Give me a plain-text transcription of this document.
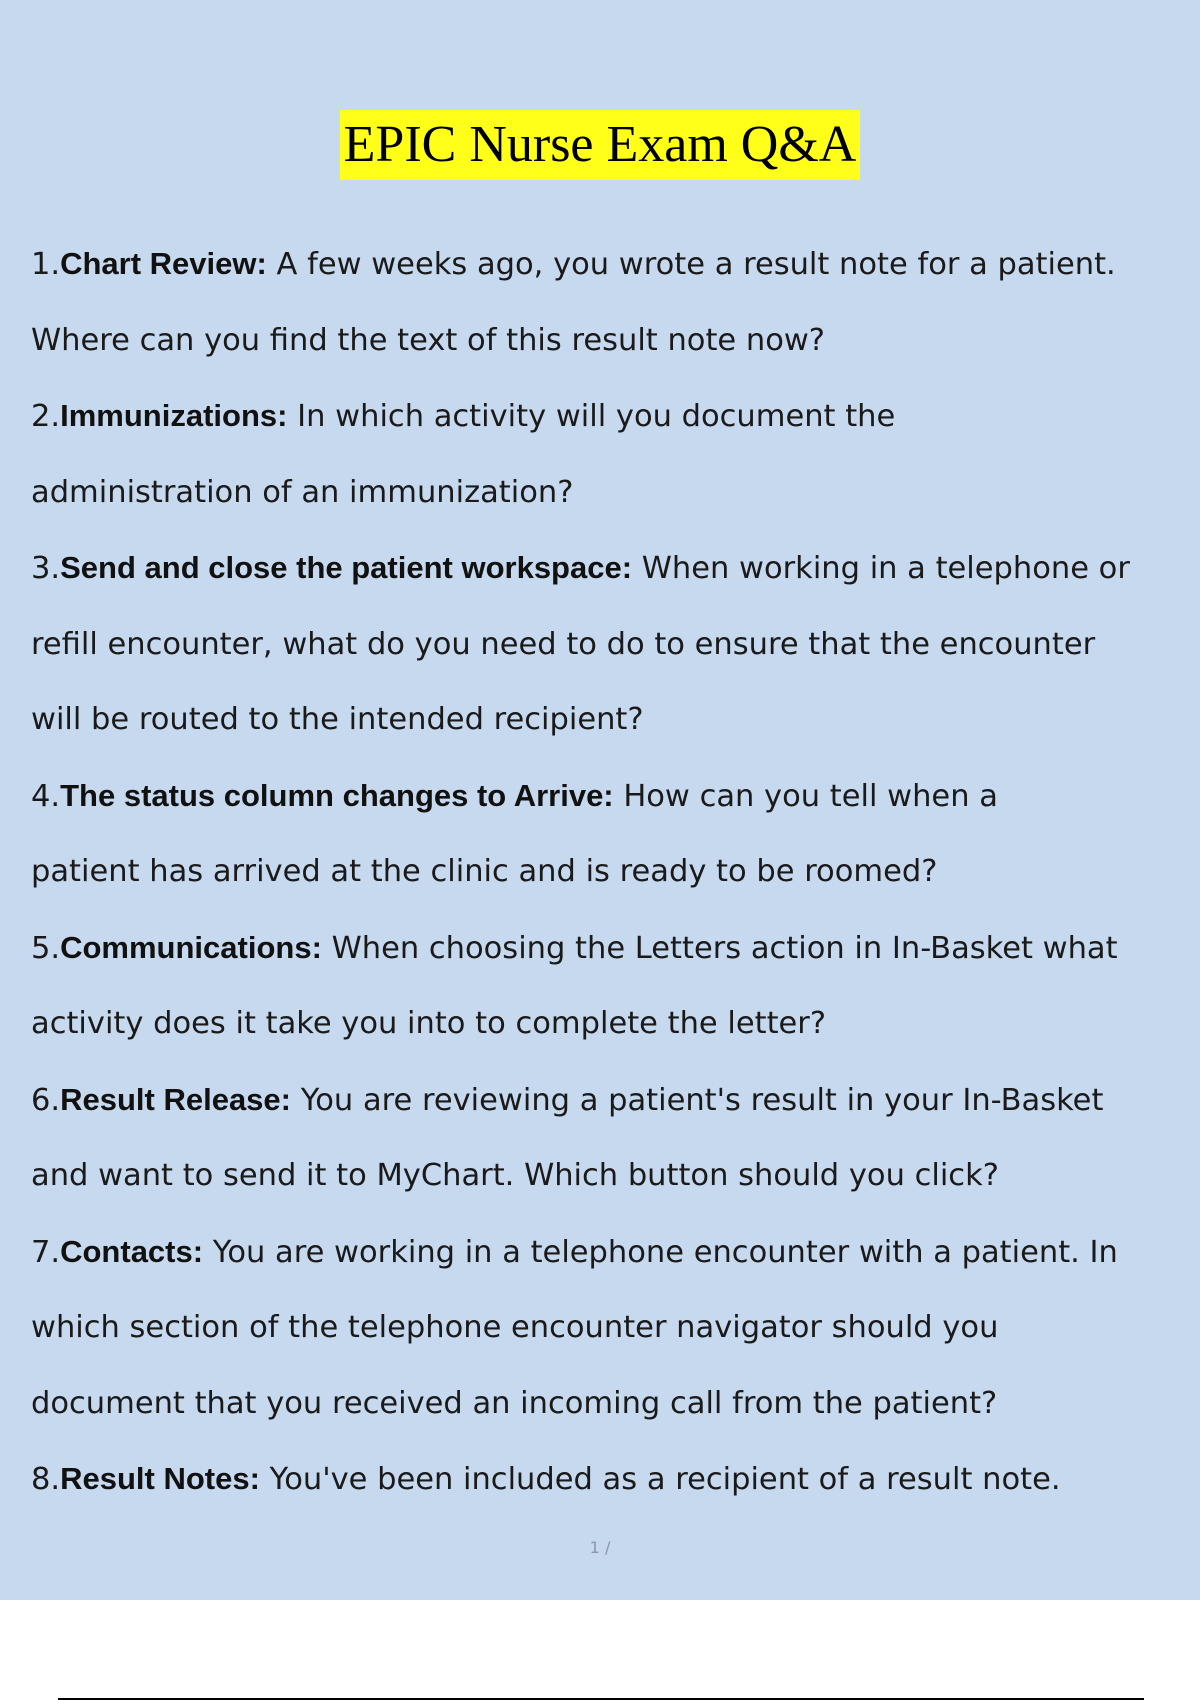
EPIC Nurse Exam Q&A
1.Chart Review: A few weeks ago, you wrote a result note for a patient.
Where can you find the text of this result note now?
2.Immunizations: In which activity will you document the
administration of an immunization?
3.Send and close the patient workspace: When working in a telephone or
refill encounter, what do you need to do to ensure that the encounter
will be routed to the intended recipient?
4.The status column changes to Arrive: How can you tell when a
patient has arrived at the clinic and is ready to be roomed?
5.Communications: When choosing the Letters action in In-Basket what
activity does it take you into to complete the letter?
6.Result Release: You are reviewing a patient's result in your In-Basket
and want to send it to MyChart. Which button should you click?
7.Contacts: You are working in a telephone encounter with a patient. In
which section of the telephone encounter navigator should you
document that you received an incoming call from the patient?
8.Result Notes: You've been included as a recipient of a result note.
1 /
